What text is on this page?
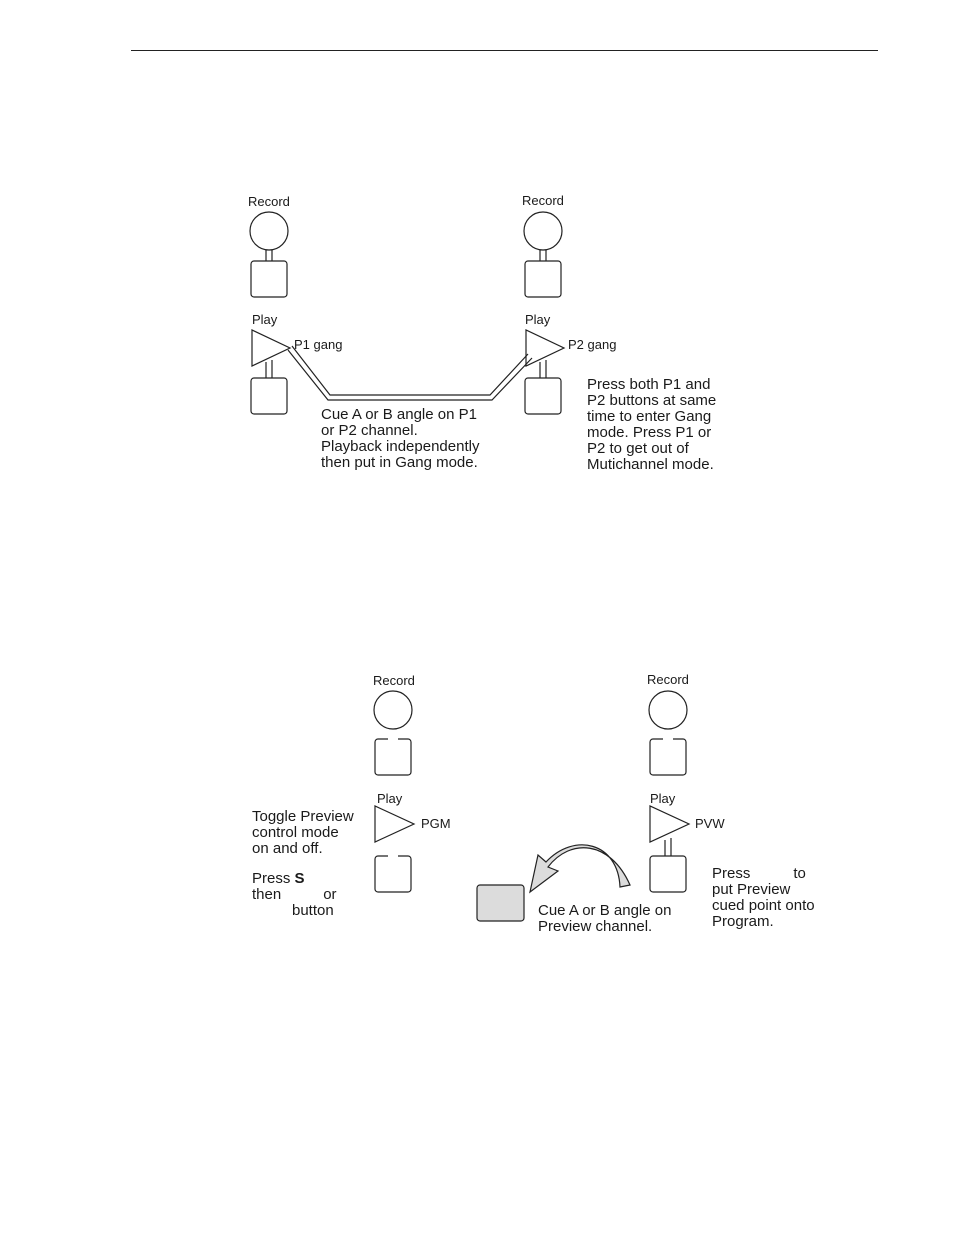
Record	Record
Play	Play
P1 gang	P2 gang
Cue A or B angle on P1
or P2 channel.
Playback independently
then put in Gang mode.
Press both P1 and
P2 buttons at same
time to enter Gang
mode. Press P1 or
P2 to get out of
Mutichannel mode.
Record	Record
Play	Play
PGM	PVW
Toggle Preview
control mode
on and off.
Press S
then	or
button	Cue A or B angle on
Preview channel.
Press	to
put Preview
cued point onto
Program.
